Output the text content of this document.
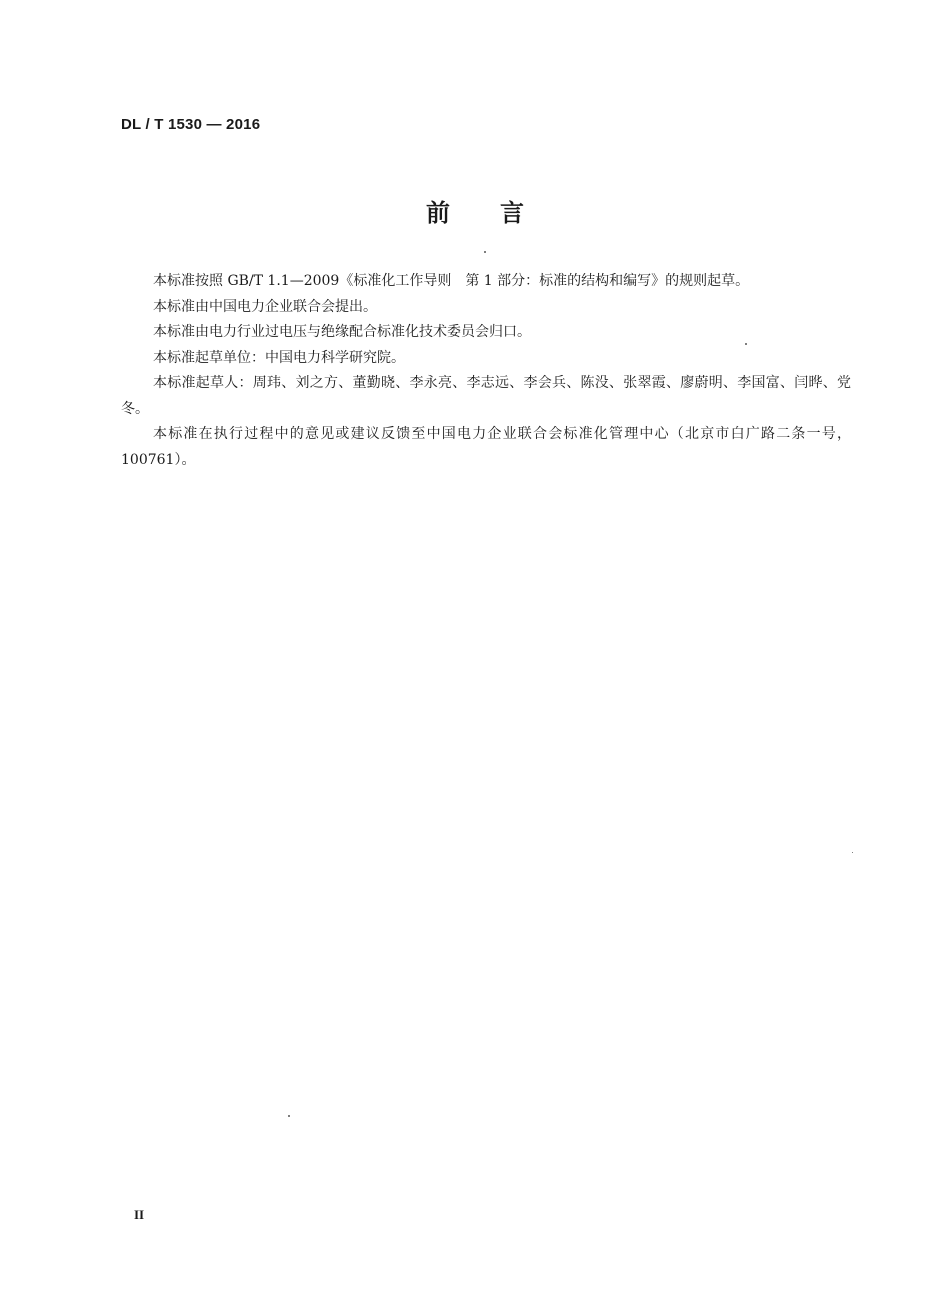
DL / T 1530 — 2016
前言

本标准按照 GB/T 1.1—2009《标准化工作导则　第 1 部分：标准的结构和编写》的规则起草。

本标准由中国电力企业联合会提出。

本标准由电力行业过电压与绝缘配合标准化技术委员会归口。

本标准起草单位：中国电力科学研究院。

本标准起草人：周玮、刘之方、董勤晓、李永亮、李志远、李会兵、陈没、张翠霞、廖蔚明、李国富、闫晔、党冬。

本标准在执行过程中的意见或建议反馈至中国电力企业联合会标准化管理中心（北京市白广路二条一号，100761）。

II
